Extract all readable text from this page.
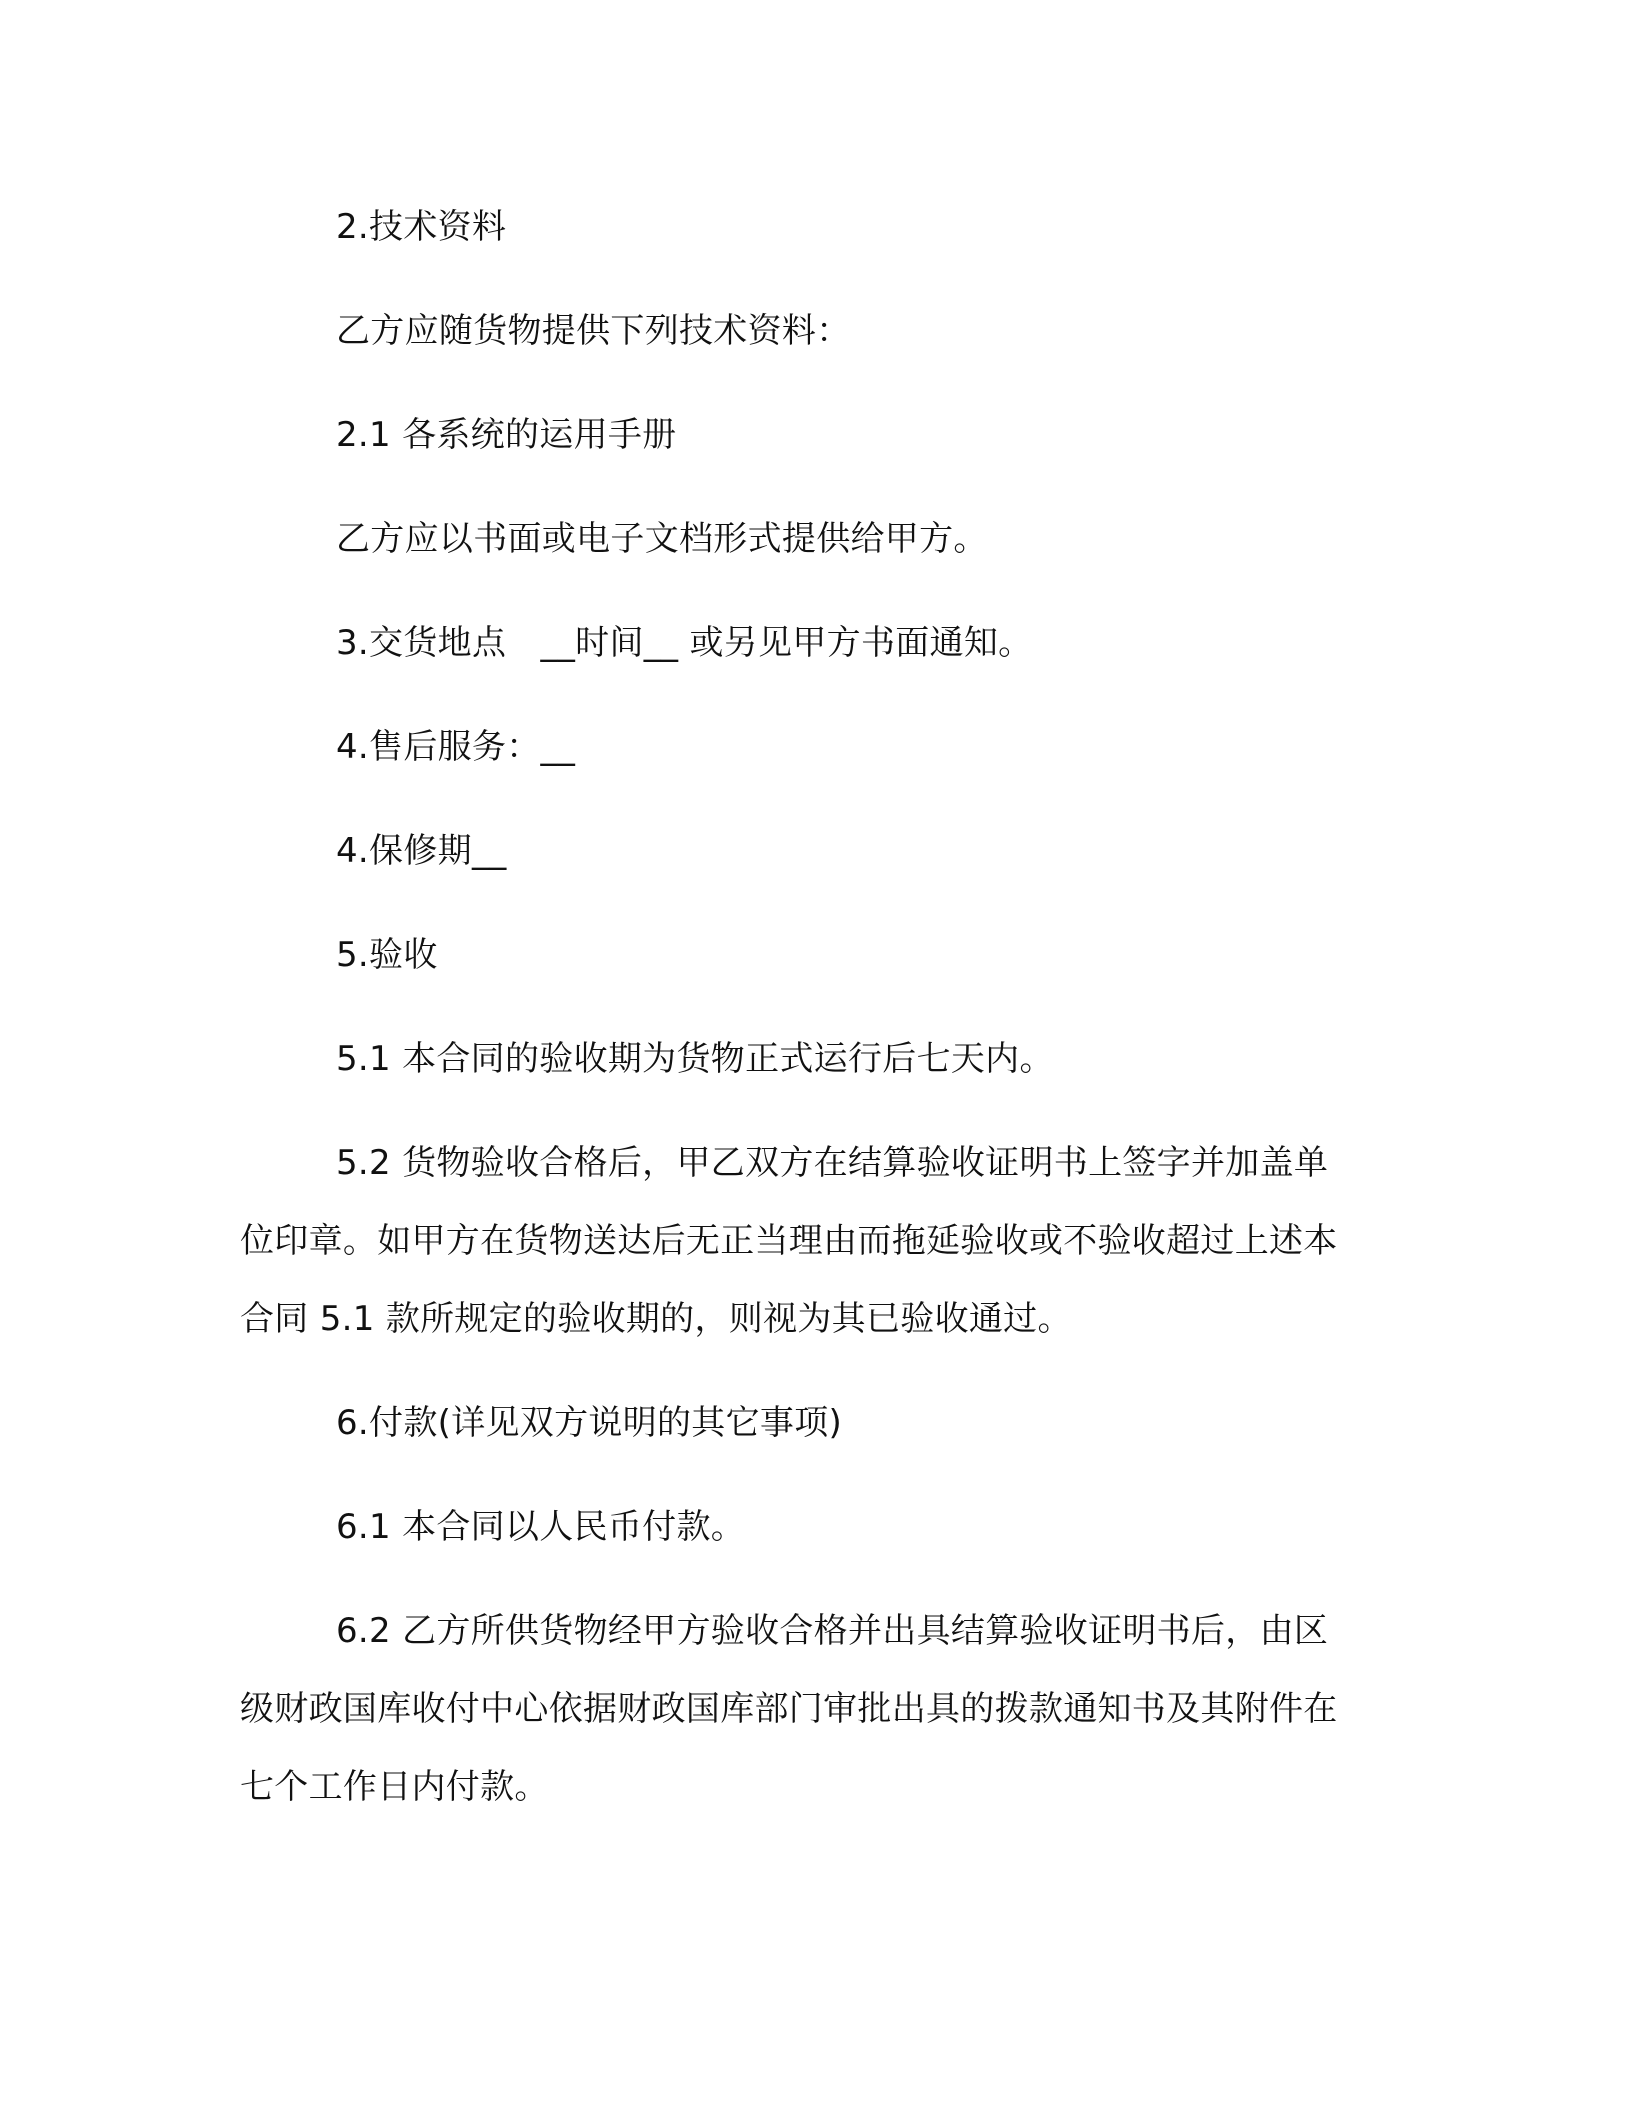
2.技术资料

乙方应随货物提供下列技术资料：

2.1 各系统的运用手册

乙方应以书面或电子文档形式提供给甲方。

3.交货地点　__时间__ 或另见甲方书面通知。

4.售后服务：__

4.保修期__

5.验收

5.1 本合同的验收期为货物正式运行后七天内。

5.2 货物验收合格后，甲乙双方在结算验收证明书上签字并加盖单位印章。如甲方在货物送达后无正当理由而拖延验收或不验收超过上述本合同 5.1 款所规定的验收期的，则视为其已验收通过。

6.付款(详见双方说明的其它事项)

6.1 本合同以人民币付款。

6.2 乙方所供货物经甲方验收合格并出具结算验收证明书后，由区级财政国库收付中心依据财政国库部门审批出具的拨款通知书及其附件在七个工作日内付款。
